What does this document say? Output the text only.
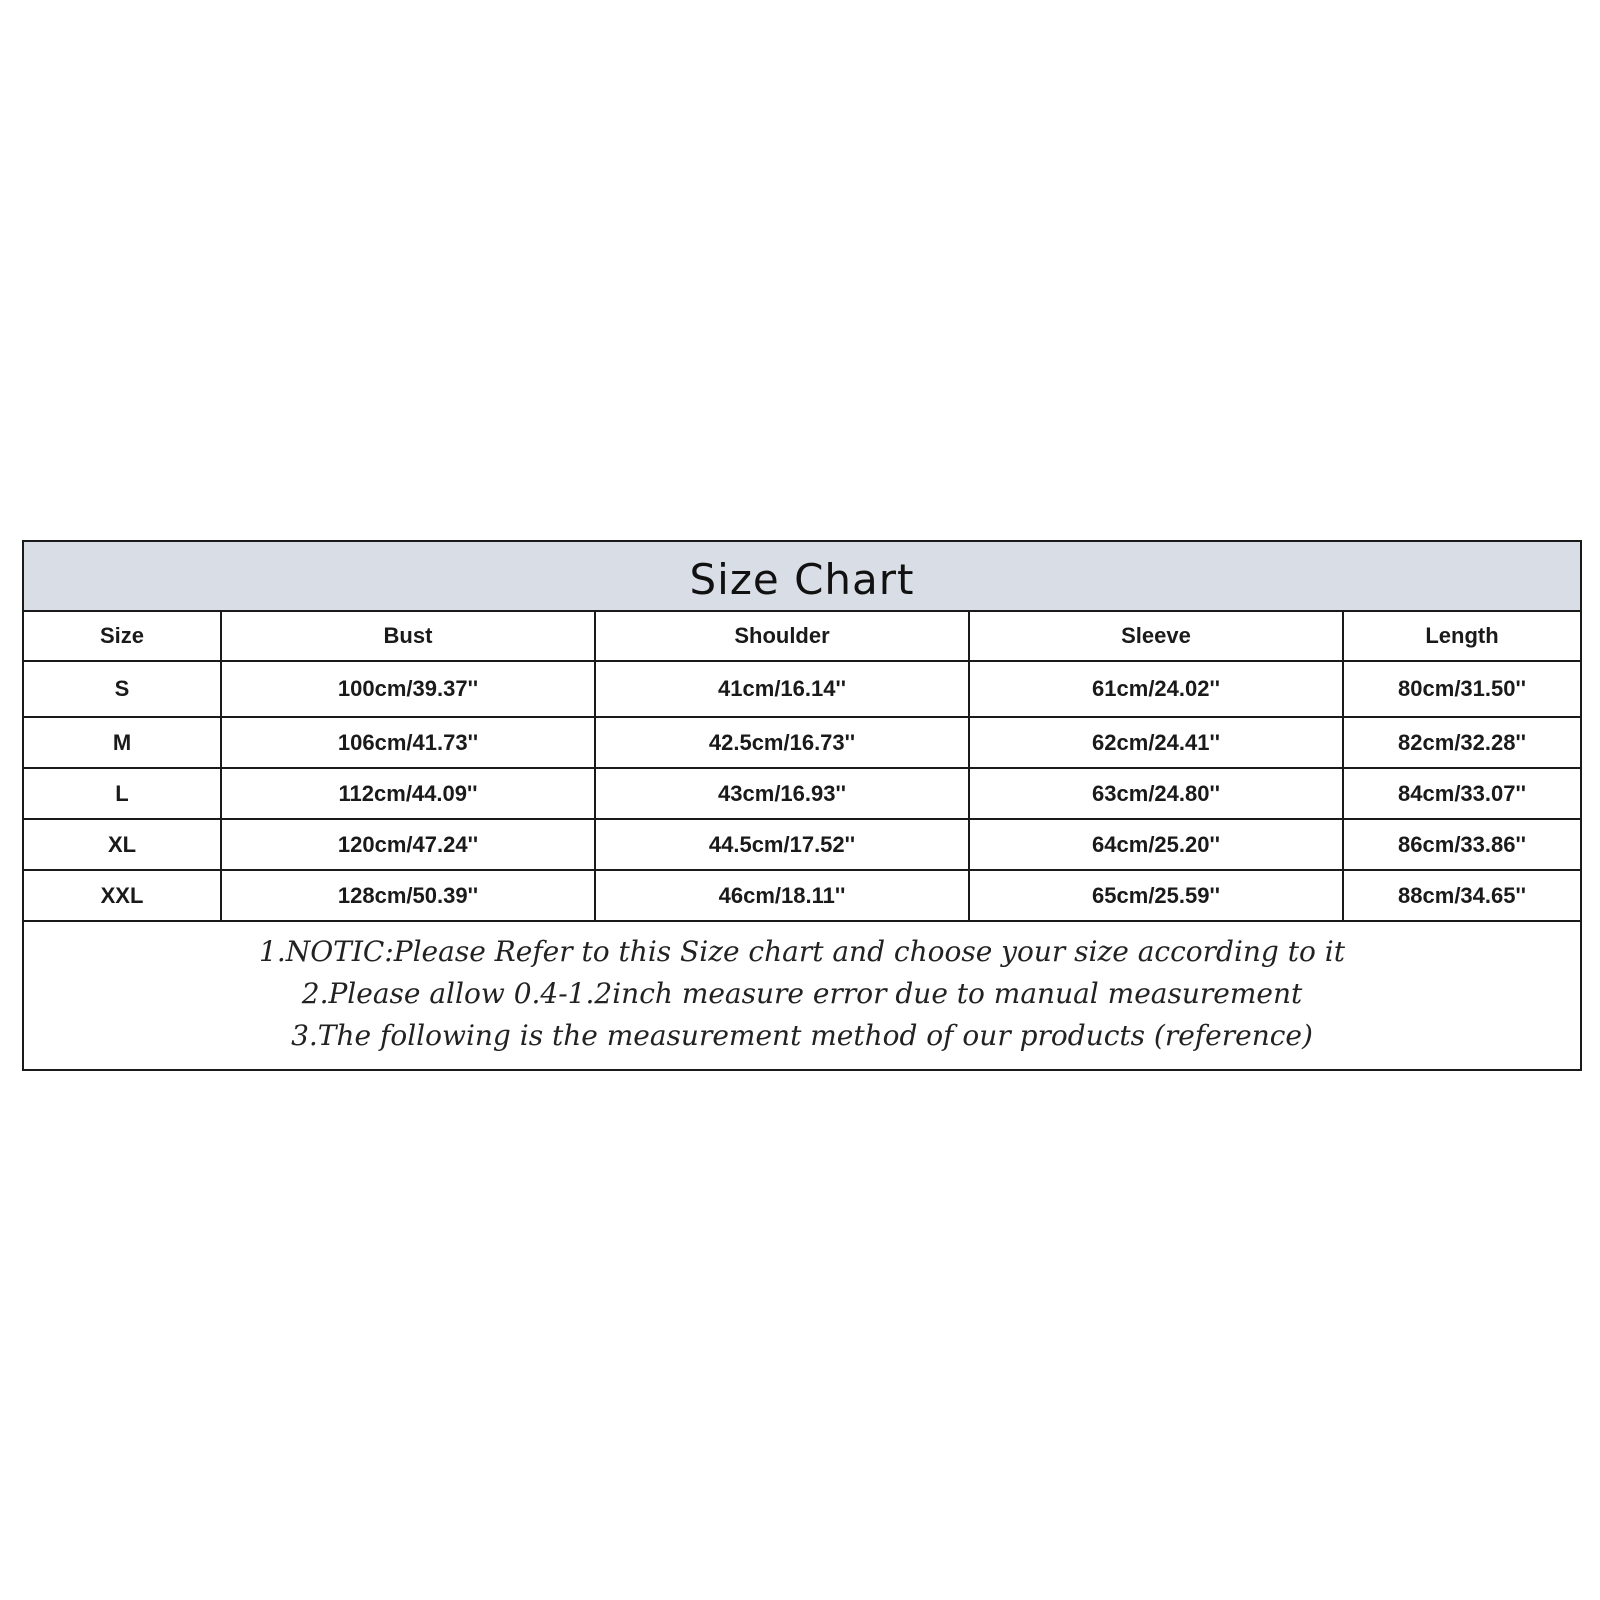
Size Chart
Size	Bust	Shoulder	Sleeve	Length
S	100cm/39.37''	41cm/16.14''	61cm/24.02''	80cm/31.50''
M	106cm/41.73''	42.5cm/16.73''	62cm/24.41''	82cm/32.28''
L	112cm/44.09''	43cm/16.93''	63cm/24.80''	84cm/33.07''
XL	120cm/47.24''	44.5cm/17.52''	64cm/25.20''	86cm/33.86''
XXL	128cm/50.39''	46cm/18.11''	65cm/25.59''	88cm/34.65''
1.NOTIC:Please Refer to this Size chart and choose your size according to it
2.Please allow 0.4-1.2inch measure error due to manual measurement
3.The following is the measurement method of our products (reference)
